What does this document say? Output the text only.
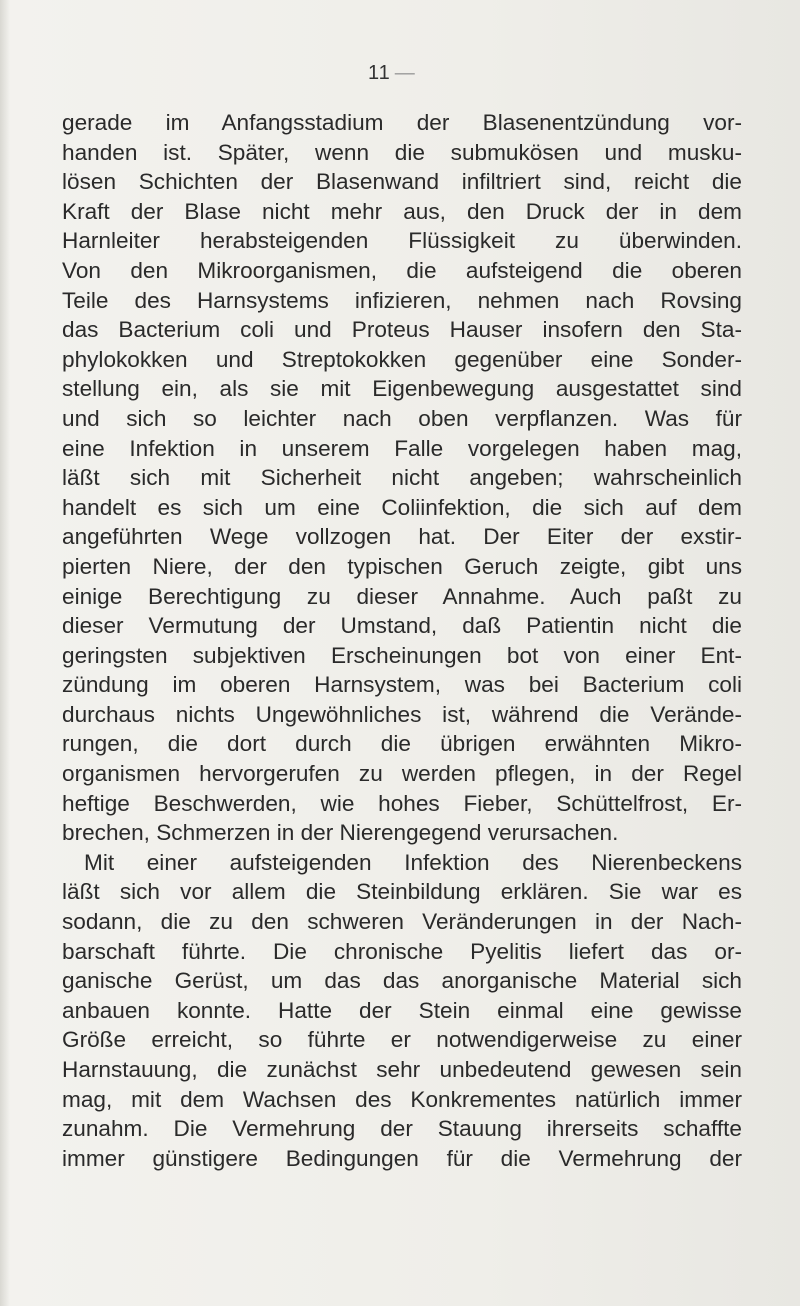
11 —
gerade im Anfangsstadium der Blasenentzündung vor-
handen ist. Später, wenn die submukösen und musku-
lösen Schichten der Blasenwand infiltriert sind, reicht die
Kraft der Blase nicht mehr aus, den Druck der in dem
Harnleiter herabsteigenden Flüssigkeit zu überwinden.
Von den Mikroorganismen, die aufsteigend die oberen
Teile des Harnsystems infizieren, nehmen nach Rovsing
das Bacterium coli und Proteus Hauser insofern den Sta-
phylokokken und Streptokokken gegenüber eine Sonder-
stellung ein, als sie mit Eigenbewegung ausgestattet sind
und sich so leichter nach oben verpflanzen. Was für
eine Infektion in unserem Falle vorgelegen haben mag,
läßt sich mit Sicherheit nicht angeben; wahrscheinlich
handelt es sich um eine Coliinfektion, die sich auf dem
angeführten Wege vollzogen hat. Der Eiter der exstir-
pierten Niere, der den typischen Geruch zeigte, gibt uns
einige Berechtigung zu dieser Annahme. Auch paßt zu
dieser Vermutung der Umstand, daß Patientin nicht die
geringsten subjektiven Erscheinungen bot von einer Ent-
zündung im oberen Harnsystem, was bei Bacterium coli
durchaus nichts Ungewöhnliches ist, während die Verände-
rungen, die dort durch die übrigen erwähnten Mikro-
organismen hervorgerufen zu werden pflegen, in der Regel
heftige Beschwerden, wie hohes Fieber, Schüttelfrost, Er-
brechen, Schmerzen in der Nierengegend verursachen.
Mit einer aufsteigenden Infektion des Nierenbeckens
läßt sich vor allem die Steinbildung erklären. Sie war es
sodann, die zu den schweren Veränderungen in der Nach-
barschaft führte. Die chronische Pyelitis liefert das or-
ganische Gerüst, um das das anorganische Material sich
anbauen konnte. Hatte der Stein einmal eine gewisse
Größe erreicht, so führte er notwendigerweise zu einer
Harnstauung, die zunächst sehr unbedeutend gewesen sein
mag, mit dem Wachsen des Konkrementes natürlich immer
zunahm. Die Vermehrung der Stauung ihrerseits schaffte
immer günstigere Bedingungen für die Vermehrung der
